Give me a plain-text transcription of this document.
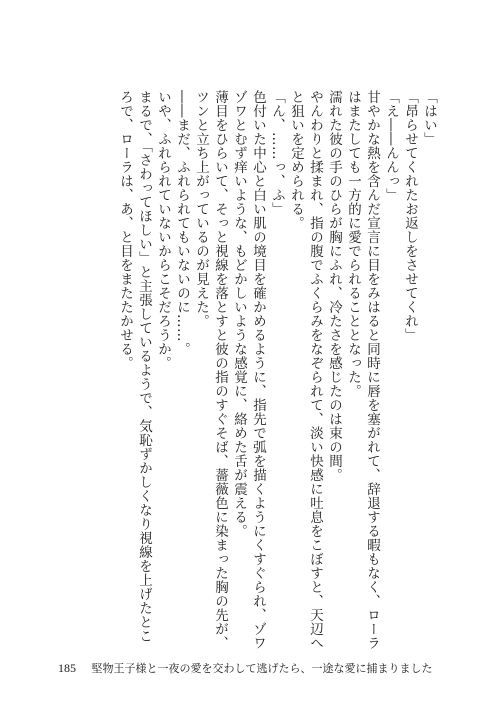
「はい」

「昂らせてくれたお返しをさせてくれ」

「え――んんっ」

甘やかな熱を含んだ宣言に目をみはると同時に唇を塞がれて、辞退する暇もなく、ローラはまたしても一方的に愛でられることとなった。

濡れた彼の手のひらが胸にふれ、冷たさを感じたのは束の間。

やんわりと揉まれ、指の腹でふくらみをなぞられて、淡い快感に吐息をこぼすと、天辺へと狙いを定められる。

「ん、……っ、ふ」

色付いた中心と白い肌の境目を確かめるように、指先で弧を描くようにくすぐられ、ゾワゾワとむず痒いような、もどかしいような感覚に、絡めた舌が震える。

薄目をひらいて、そっと視線を落とすと彼の指のすぐそば、薔薇色に染まった胸の先が、ツンと立ち上がっているのが見えた。

――まだ、ふれられてもいないのに……。

いや、ふれられていないからこそだろうか。

まるで、「さわってほしい」と主張しているようで、気恥ずかしくなり視線を上げたところで、ローラは、あ、と目をまたたかせる。

185 堅物王子様と一夜の愛を交わして逃げたら、一途な愛に捕まりました
